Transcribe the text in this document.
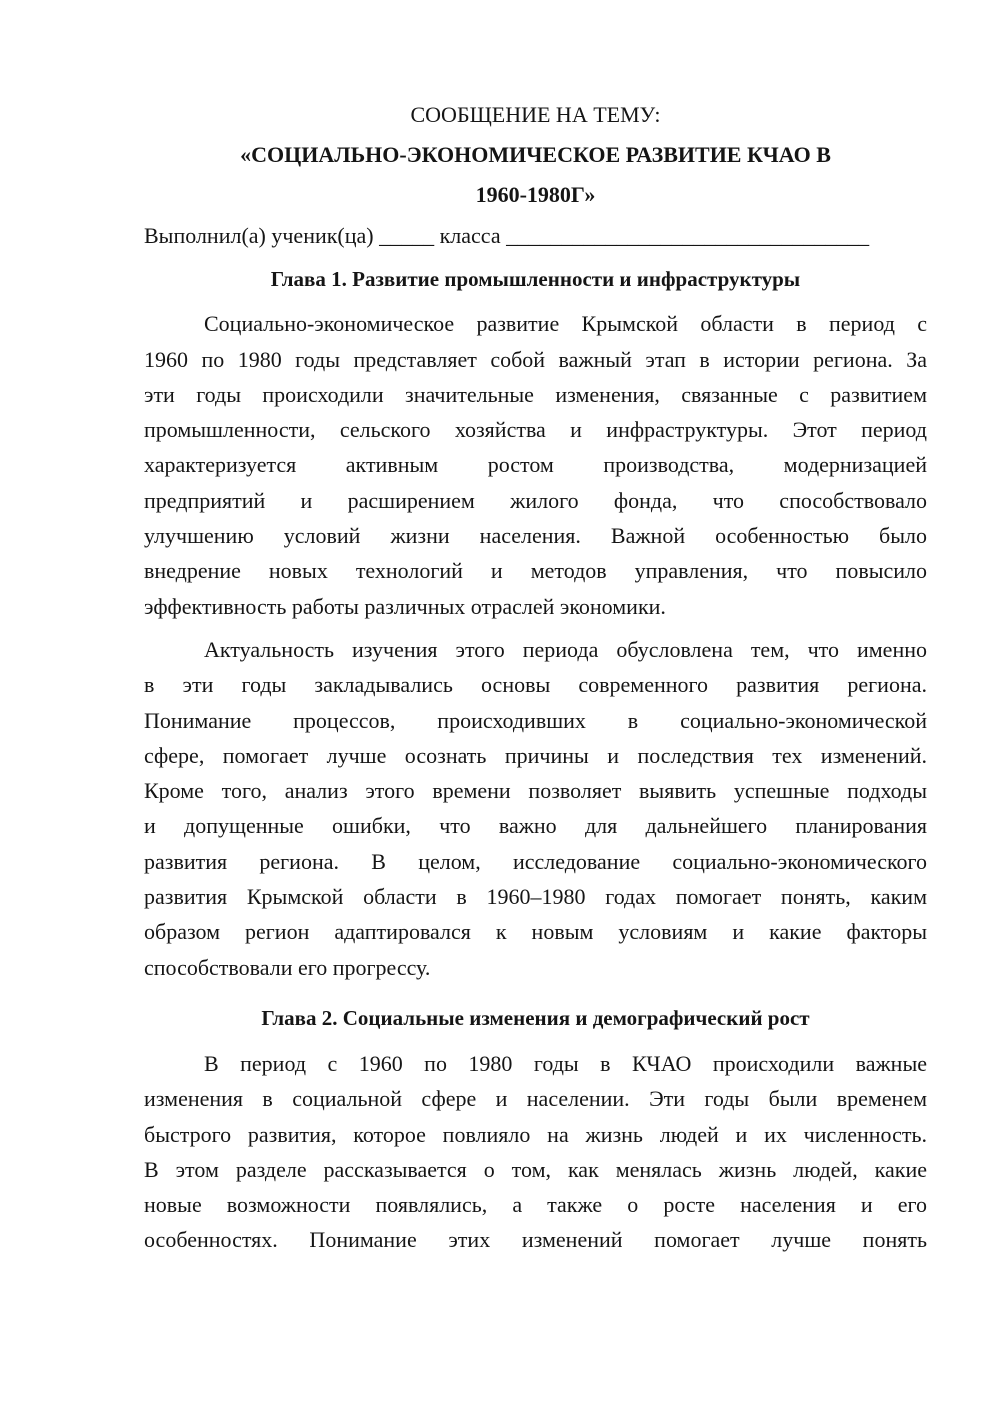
СООБЩЕНИЕ НА ТЕМУ:
«СОЦИАЛЬНО-ЭКОНОМИЧЕСКОЕ РАЗВИТИЕ КЧАО В
1960-1980Г»
Выполнил(а) ученик(ца) _____ класса _________________________________
Глава 1. Развитие промышленности и инфраструктуры
Социально-экономическое развитие Крымской области в период с
1960 по 1980 годы представляет собой важный этап в истории региона. За
эти годы происходили значительные изменения, связанные с развитием
промышленности, сельского хозяйства и инфраструктуры. Этот период
характеризуется активным ростом производства, модернизацией
предприятий и расширением жилого фонда, что способствовало
улучшению условий жизни населения. Важной особенностью было
внедрение новых технологий и методов управления, что повысило
эффективность работы различных отраслей экономики.
Актуальность изучения этого периода обусловлена тем, что именно
в эти годы закладывались основы современного развития региона.
Понимание процессов, происходивших в социально-экономической
сфере, помогает лучше осознать причины и последствия тех изменений.
Кроме того, анализ этого времени позволяет выявить успешные подходы
и допущенные ошибки, что важно для дальнейшего планирования
развития региона. В целом, исследование социально-экономического
развития Крымской области в 1960–1980 годах помогает понять, каким
образом регион адаптировался к новым условиям и какие факторы
способствовали его прогрессу.
Глава 2. Социальные изменения и демографический рост
В период с 1960 по 1980 годы в КЧАО происходили важные
изменения в социальной сфере и населении. Эти годы были временем
быстрого развития, которое повлияло на жизнь людей и их численность.
В этом разделе рассказывается о том, как менялась жизнь людей, какие
новые возможности появлялись, а также о росте населения и его
особенностях. Понимание этих изменений помогает лучше понять
